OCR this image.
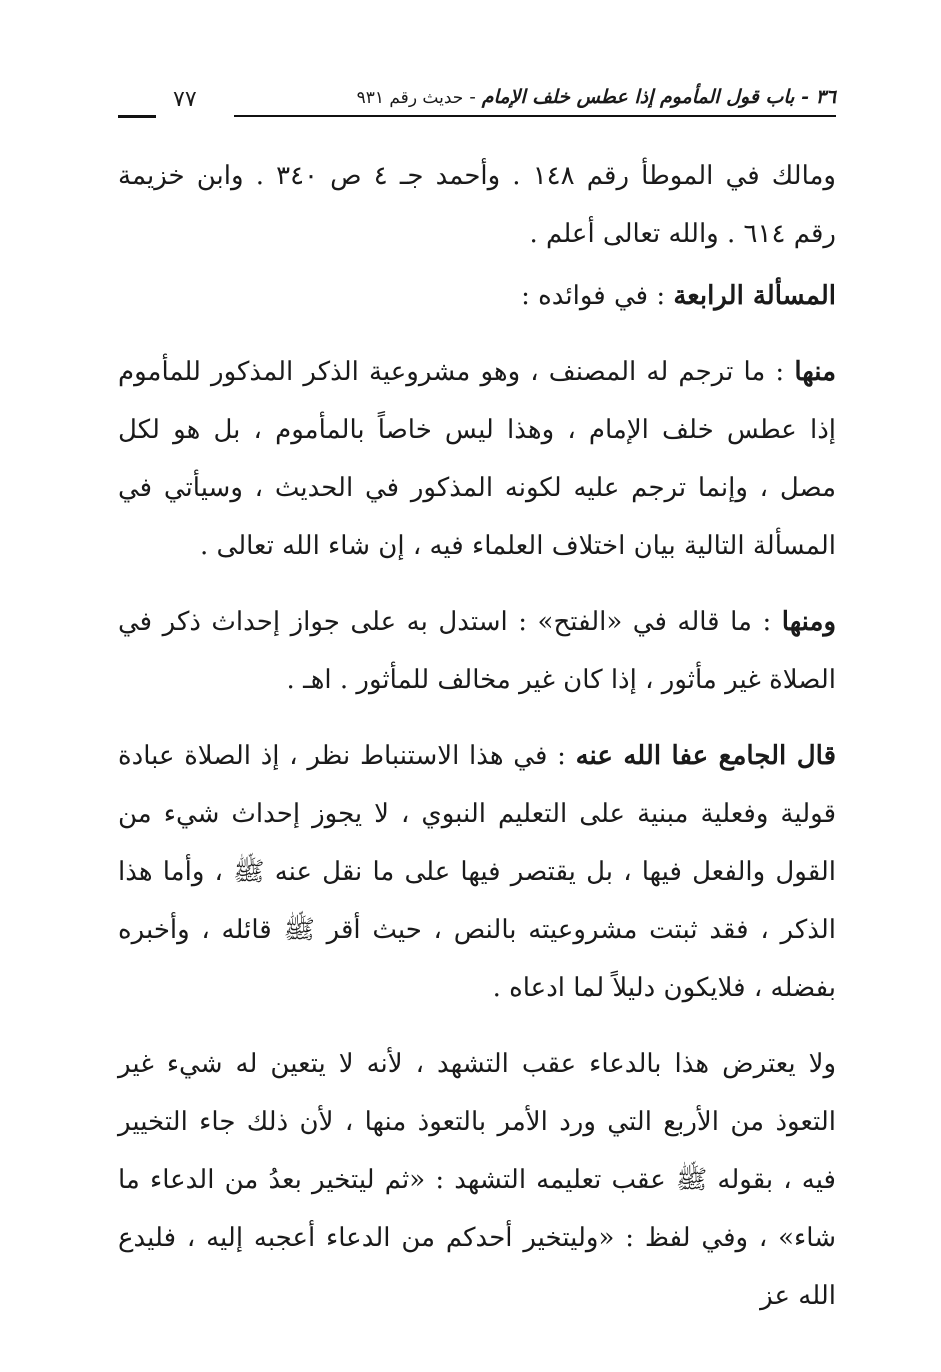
٣٦ - باب قول المأموم إذا عطس خلف الإمام - حديث رقم ٩٣١
٧٧

ومالك في الموطأ رقم ١٤٨ . وأحمد جـ ٤ ص ٣٤٠ . وابن خزيمة رقم ٦١٤ . والله تعالى أعلم .

المسألة الرابعة : في فوائده :

منها : ما ترجم له المصنف ، وهو مشروعية الذكر المذكور للمأموم إذا عطس خلف الإمام ، وهذا ليس خاصاً بالمأموم ، بل هو لكل مصل ، وإنما ترجم عليه لكونه المذكور في الحديث ، وسيأتي في المسألة التالية بيان اختلاف العلماء فيه ، إن شاء الله تعالى .

ومنها : ما قاله في «الفتح» : استدل به على جواز إحداث ذكر في الصلاة غير مأثور ، إذا كان غير مخالف للمأثور . اهـ .

قال الجامع عفا الله عنه : في هذا الاستنباط نظر ، إذ الصلاة عبادة قولية وفعلية مبنية على التعليم النبوي ، لا يجوز إحداث شيء من القول والفعل فيها ، بل يقتصر فيها على ما نقل عنه ﷺ ، وأما هذا الذكر ، فقد ثبتت مشروعيته بالنص ، حيث أقر ﷺ قائله ، وأخبره بفضله ، فلايكون دليلاً لما ادعاه .

ولا يعترض هذا بالدعاء عقب التشهد ، لأنه لا يتعين له شيء غير التعوذ من الأربع التي ورد الأمر بالتعوذ منها ، لأن ذلك جاء التخيير فيه ، بقوله ﷺ عقب تعليمه التشهد : «ثم ليتخير بعدُ من الدعاء ما شاء» ، وفي لفظ : «وليتخير أحدكم من الدعاء أعجبه إليه ، فليدع الله عز
